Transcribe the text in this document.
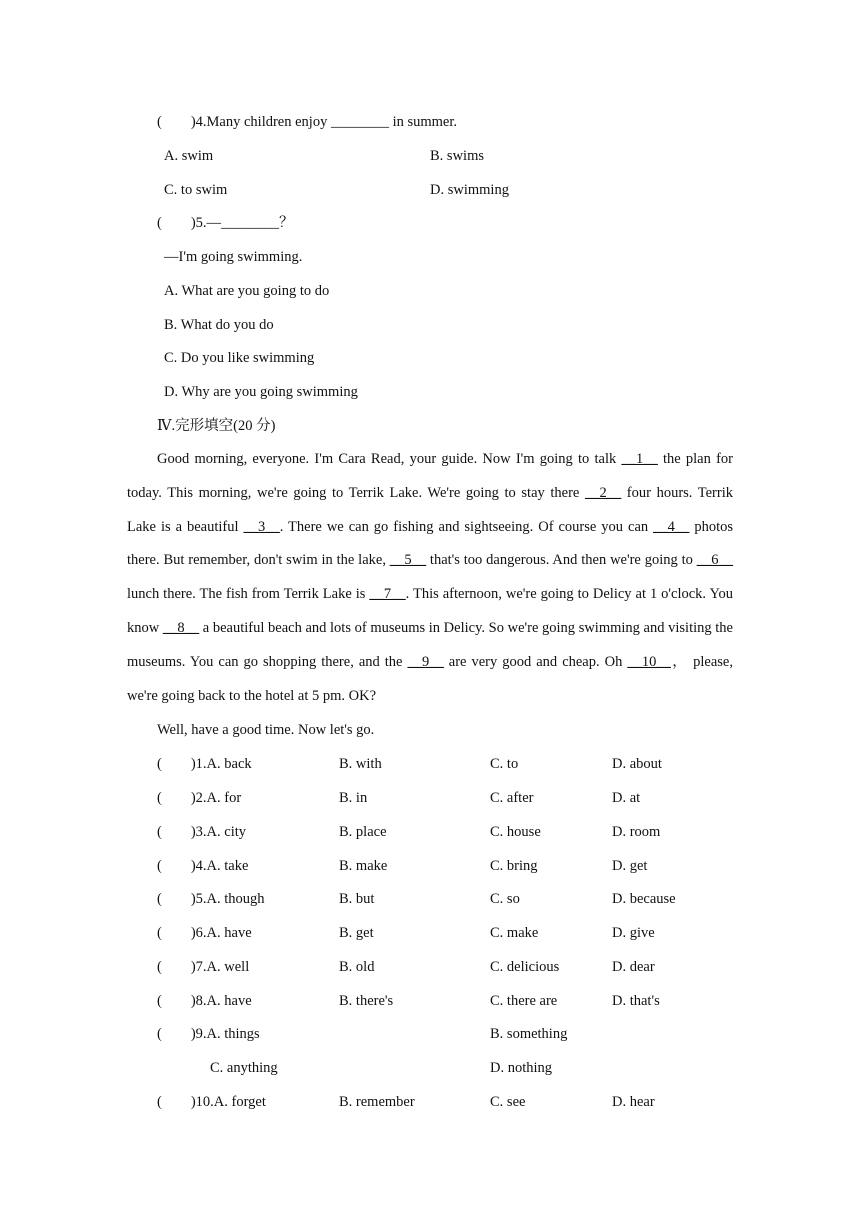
(　　)4.Many children enjoy ________ in summer.
A. swim	B. swims
C. to swim	D. swimming
(　　)5.—________？
—I'm going swimming.
A. What are you going to do
B. What do you do
C. Do you like swimming
D. Why are you going swimming
Ⅳ.完形填空(20 分)
Good morning, everyone. I'm Cara Read, your guide. Now I'm going to talk __1__ the plan for today. This morning, we're going to Terrik Lake. We're going to stay there __2__ four hours. Terrik Lake is a beautiful __3__. There we can go fishing and sightseeing. Of course you can __4__ photos there. But remember, don't swim in the lake, __5__ that's too dangerous. And then we're going to __6__ lunch there. The fish from Terrik Lake is __7__. This afternoon, we're going to Delicy at 1 o'clock. You know __8__ a beautiful beach and lots of museums in Delicy. So we're going swimming and visiting the museums. You can go shopping there, and the __9__ are very good and cheap. Oh __10__， please, we're going back to the hotel at 5 pm. OK?
Well, have a good time. Now let's go.
(　　)1.A. back	B. with	C. to	D. about
(　　)2.A. for	B. in	C. after	D. at
(　　)3.A. city	B. place	C. house	D. room
(　　)4.A. take	B. make	C. bring	D. get
(　　)5.A. though	B. but	C. so	D. because
(　　)6.A. have	B. get	C. make	D. give
(　　)7.A. well	B. old	C. delicious	D. dear
(　　)8.A. have	B. there's	C. there are	D. that's
(　　)9.A. things	B. something
C. anything	D. nothing
(　　)10.A. forget	B. remember	C. see	D. hear
